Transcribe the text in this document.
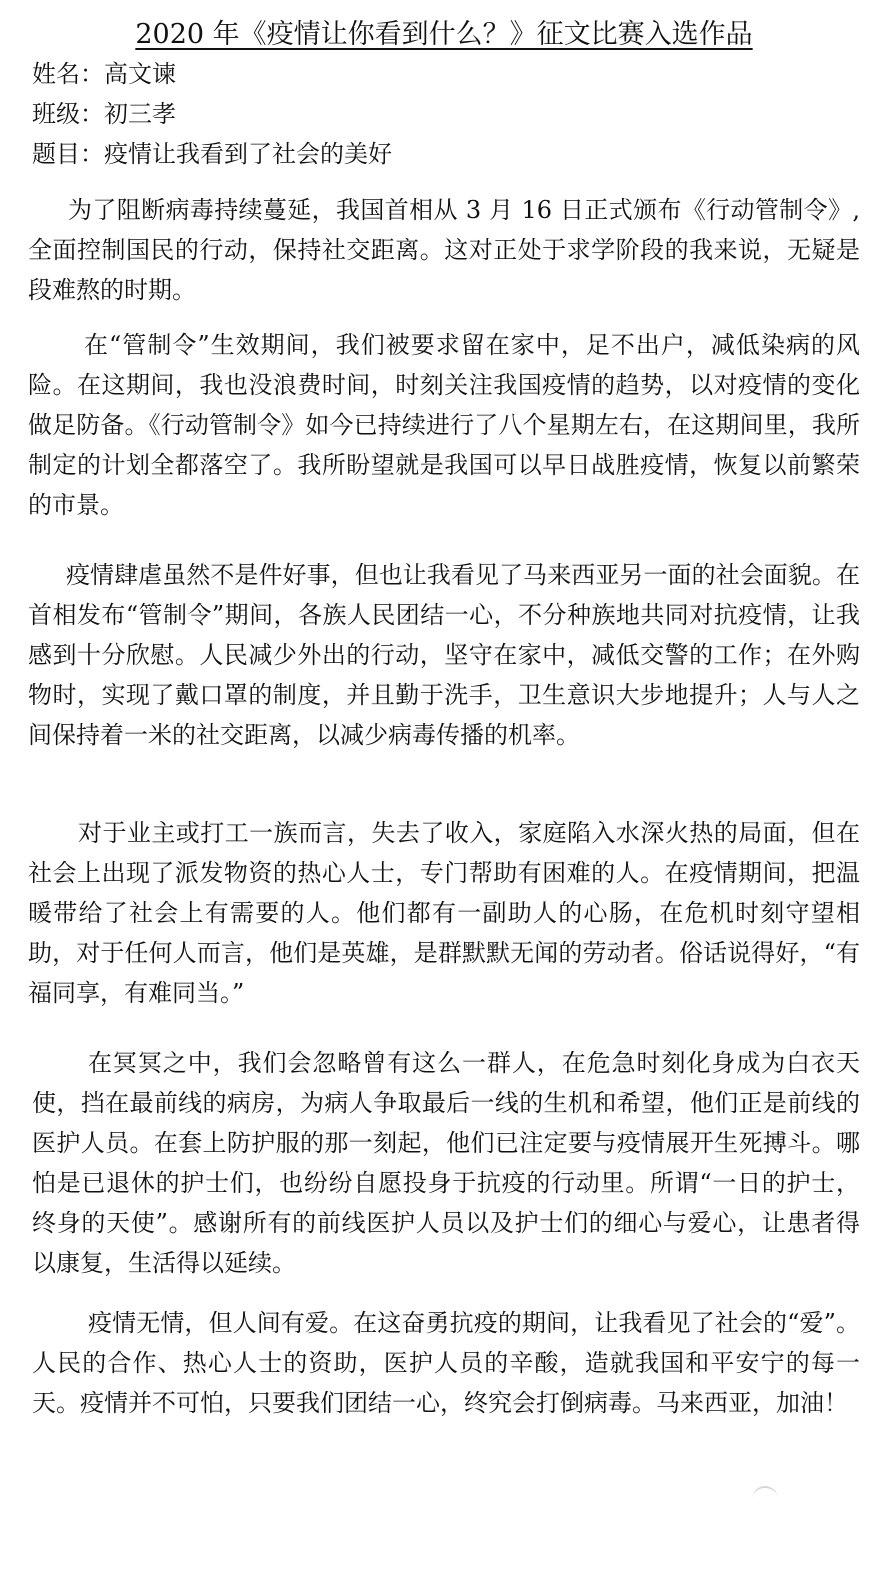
2020 年《疫情让你看到什么？》征文比赛入选作品
姓名：高文谏
班级：初三孝
题目：疫情让我看到了社会的美好

为了阻断病毒持续蔓延，我国首相从 3 月 16 日正式颁布《行动管制令》,全面控制国民的行动，保持社交距离。这对正处于求学阶段的我来说，无疑是段难熬的时期。

在“管制令”生效期间，我们被要求留在家中，足不出户，减低染病的风险。在这期间，我也没浪费时间，时刻关注我国疫情的趋势，以对疫情的变化做足防备。《行动管制令》如今已持续进行了八个星期左右，在这期间里，我所制定的计划全都落空了。我所盼望就是我国可以早日战胜疫情，恢复以前繁荣的市景。

疫情肆虐虽然不是件好事，但也让我看见了马来西亚另一面的社会面貌。在首相发布“管制令”期间，各族人民团结一心，不分种族地共同对抗疫情，让我感到十分欣慰。人民减少外出的行动，坚守在家中，减低交警的工作；在外购物时，实现了戴口罩的制度，并且勤于洗手，卫生意识大步地提升；人与人之间保持着一米的社交距离，以减少病毒传播的机率。

对于业主或打工一族而言，失去了收入，家庭陷入水深火热的局面，但在社会上出现了派发物资的热心人士，专门帮助有困难的人。在疫情期间，把温暖带给了社会上有需要的人。他们都有一副助人的心肠，在危机时刻守望相助，对于任何人而言，他们是英雄，是群默默无闻的劳动者。俗话说得好，“有福同享，有难同当。”

在冥冥之中，我们会忽略曾有这么一群人，在危急时刻化身成为白衣天使，挡在最前线的病房，为病人争取最后一线的生机和希望，他们正是前线的医护人员。在套上防护服的那一刻起，他们已注定要与疫情展开生死搏斗。哪怕是已退休的护士们，也纷纷自愿投身于抗疫的行动里。所谓“一日的护士，终身的天使”。感谢所有的前线医护人员以及护士们的细心与爱心，让患者得以康复，生活得以延续。

疫情无情，但人间有爱。在这奋勇抗疫的期间，让我看见了社会的“爱”。人民的合作、热心人士的资助，医护人员的辛酸，造就我国和平安宁的每一天。疫情并不可怕，只要我们团结一心，终究会打倒病毒。马来西亚，加油！
